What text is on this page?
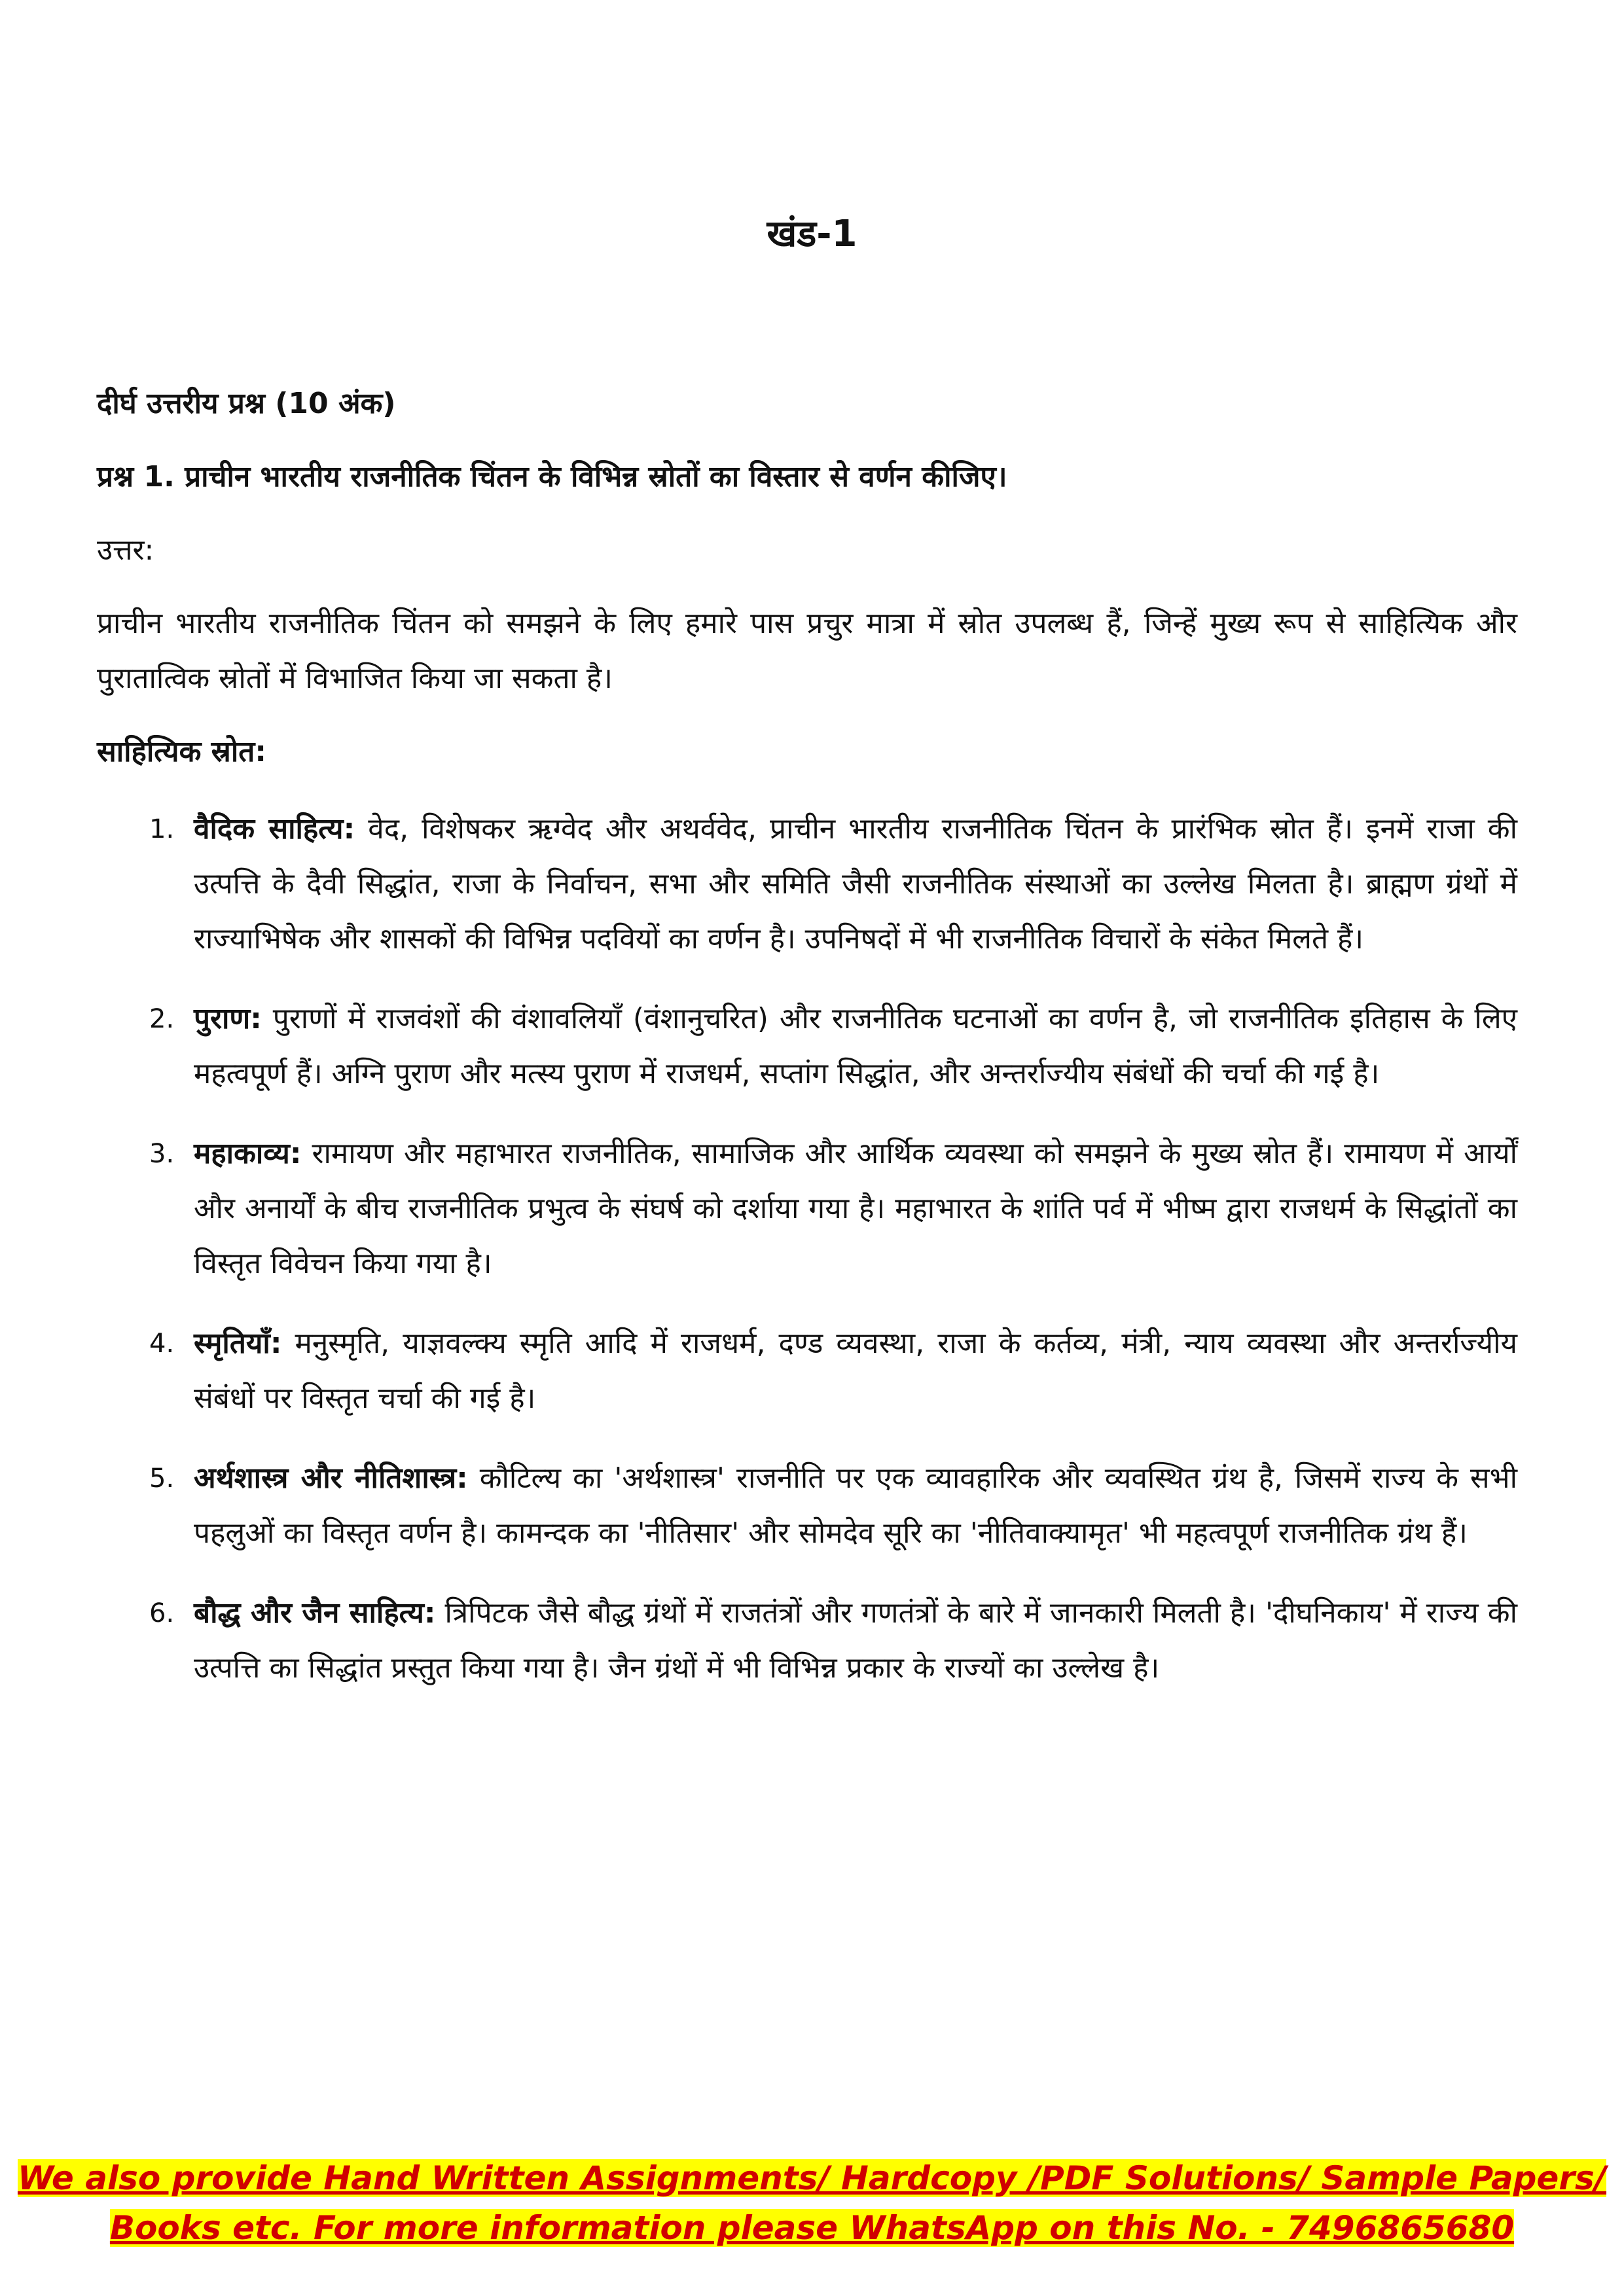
खंड-1
दीर्घ उत्तरीय प्रश्न (10 अंक)
प्रश्न 1. प्राचीन भारतीय राजनीतिक चिंतन के विभिन्न स्रोतों का विस्तार से वर्णन कीजिए।
उत्तर:
प्राचीन भारतीय राजनीतिक चिंतन को समझने के लिए हमारे पास प्रचुर मात्रा में स्रोत उपलब्ध हैं, जिन्हें मुख्य रूप से साहित्यिक और पुरातात्विक स्रोतों में विभाजित किया जा सकता है।
साहित्यिक स्रोत:
1. वैदिक साहित्य: वेद, विशेषकर ऋग्वेद और अथर्ववेद, प्राचीन भारतीय राजनीतिक चिंतन के प्रारंभिक स्रोत हैं। इनमें राजा की उत्पत्ति के दैवी सिद्धांत, राजा के निर्वाचन, सभा और समिति जैसी राजनीतिक संस्थाओं का उल्लेख मिलता है। ब्राह्मण ग्रंथों में राज्याभिषेक और शासकों की विभिन्न पदवियों का वर्णन है। उपनिषदों में भी राजनीतिक विचारों के संकेत मिलते हैं।
2. पुराण: पुराणों में राजवंशों की वंशावलियाँ (वंशानुचरित) और राजनीतिक घटनाओं का वर्णन है, जो राजनीतिक इतिहास के लिए महत्वपूर्ण हैं। अग्नि पुराण और मत्स्य पुराण में राजधर्म, सप्तांग सिद्धांत, और अन्तर्राज्यीय संबंधों की चर्चा की गई है।
3. महाकाव्य: रामायण और महाभारत राजनीतिक, सामाजिक और आर्थिक व्यवस्था को समझने के मुख्य स्रोत हैं। रामायण में आर्यों और अनार्यों के बीच राजनीतिक प्रभुत्व के संघर्ष को दर्शाया गया है। महाभारत के शांति पर्व में भीष्म द्वारा राजधर्म के सिद्धांतों का विस्तृत विवेचन किया गया है।
4. स्मृतियाँ: मनुस्मृति, याज्ञवल्क्य स्मृति आदि में राजधर्म, दण्ड व्यवस्था, राजा के कर्तव्य, मंत्री, न्याय व्यवस्था और अन्तर्राज्यीय संबंधों पर विस्तृत चर्चा की गई है।
5. अर्थशास्त्र और नीतिशास्त्र: कौटिल्य का 'अर्थशास्त्र' राजनीति पर एक व्यावहारिक और व्यवस्थित ग्रंथ है, जिसमें राज्य के सभी पहलुओं का विस्तृत वर्णन है। कामन्दक का 'नीतिसार' और सोमदेव सूरि का 'नीतिवाक्यामृत' भी महत्वपूर्ण राजनीतिक ग्रंथ हैं।
6. बौद्ध और जैन साहित्य: त्रिपिटक जैसे बौद्ध ग्रंथों में राजतंत्रों और गणतंत्रों के बारे में जानकारी मिलती है। 'दीघनिकाय' में राज्य की उत्पत्ति का सिद्धांत प्रस्तुत किया गया है। जैन ग्रंथों में भी विभिन्न प्रकार के राज्यों का उल्लेख है।
We also provide Hand Written Assignments/ Hardcopy /PDF Solutions/ Sample Papers/
Books etc. For more information please WhatsApp on this No. - 7496865680
